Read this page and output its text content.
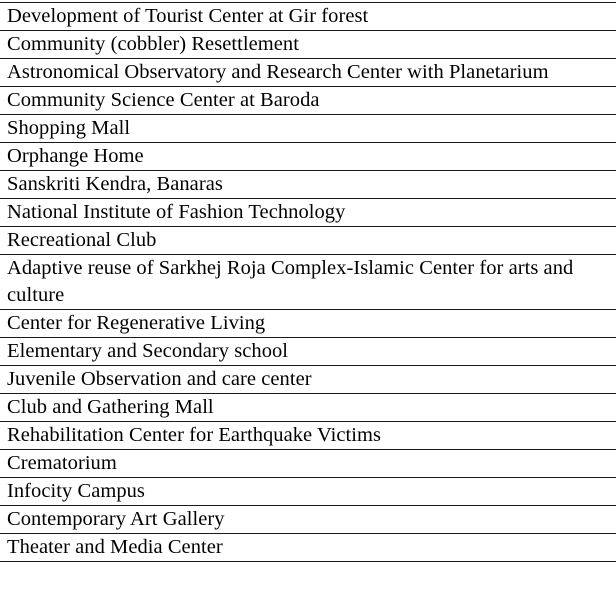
Development of Tourist Center at Gir forest
Community (cobbler) Resettlement
Astronomical Observatory and Research Center with Planetarium
Community Science Center at Baroda
Shopping Mall
Orphange Home
Sanskriti Kendra, Banaras
National Institute of Fashion Technology
Recreational Club
Adaptive reuse of Sarkhej Roja Complex-Islamic Center for arts and culture
Center for Regenerative Living
Elementary and Secondary school
Juvenile Observation and care center
Club and Gathering Mall
Rehabilitation Center for Earthquake Victims
Crematorium
Infocity Campus
Contemporary Art Gallery
Theater and Media Center
